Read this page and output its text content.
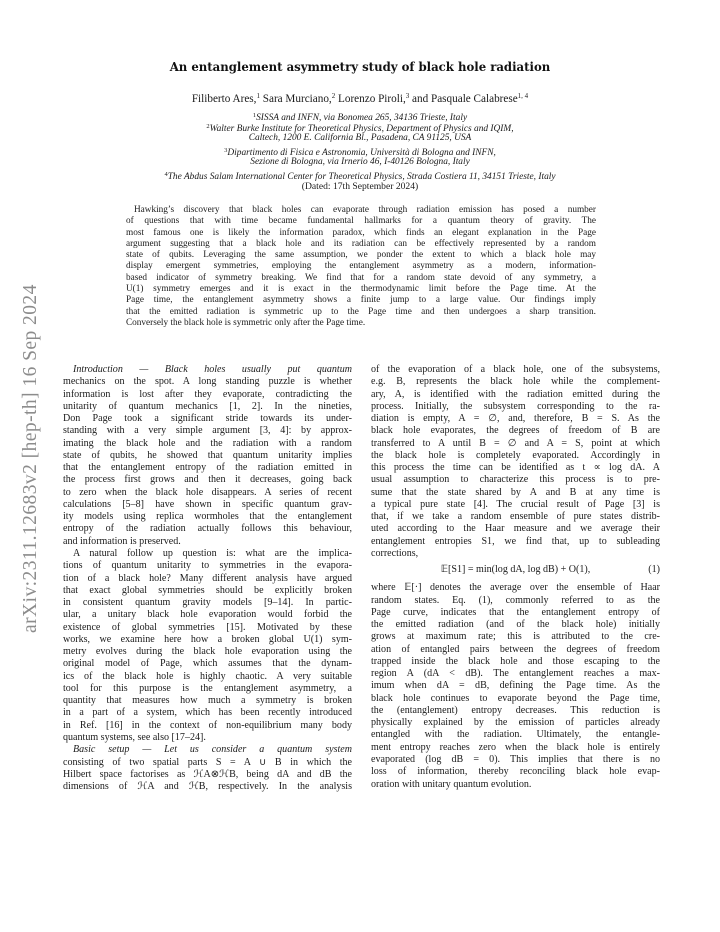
arXiv:2311.12683v2 [hep-th] 16 Sep 2024
An entanglement asymmetry study of black hole radiation
Filiberto Ares,$^1$ Sara Murciano,$^2$ Lorenzo Piroli,$^3$ and Pasquale Calabrese$^{1, 4}$
$^1$SISSA and INFN, via Bonomea 265, 34136 Trieste, Italy
$^2$Walter Burke Institute for Theoretical Physics, Department of Physics and IQIM,
Caltech, 1200 E. California Bl., Pasadena, CA 91125, USA
$^3$Dipartimento di Fisica e Astronomia, Università di Bologna and INFN,
Sezione di Bologna, via Irnerio 46, I-40126 Bologna, Italy
$^4$The Abdus Salam International Center for Theoretical Physics, Strada Costiera 11, 34151 Trieste, Italy
(Dated: 17th September 2024)
Hawking’s discovery that black holes can evaporate through radiation emission has posed a number
of questions that with time became fundamental hallmarks for a quantum theory of gravity. The
most famous one is likely the information paradox, which finds an elegant explanation in the Page
argument suggesting that a black hole and its radiation can be effectively represented by a random
state of qubits. Leveraging the same assumption, we ponder the extent to which a black hole may
display emergent symmetries, employing the entanglement asymmetry as a modern, information-
based indicator of symmetry breaking. We find that for a random state devoid of any symmetry, a
U(1) symmetry emerges and it is exact in the thermodynamic limit before the Page time. At the
Page time, the entanglement asymmetry shows a finite jump to a large value. Our findings imply
that the emitted radiation is symmetric up to the Page time and then undergoes a sharp transition.
Conversely the black hole is symmetric only after the Page time.
Introduction — Black holes usually put quantum
mechanics on the spot. A long standing puzzle is whether
information is lost after they evaporate, contradicting the
unitarity of quantum mechanics [1, 2]. In the nineties,
Don Page took a significant stride towards its under-
standing with a very simple argument [3, 4]: by approx-
imating the black hole and the radiation with a random
state of qubits, he showed that quantum unitarity implies
that the entanglement entropy of the radiation emitted in
the process first grows and then it decreases, going back
to zero when the black hole disappears. A series of recent
calculations [5–8] have shown in specific quantum grav-
ity models using replica wormholes that the entanglement
entropy of the radiation actually follows this behaviour,
and information is preserved.
A natural follow up question is: what are the implica-
tions of quantum unitarity to symmetries in the evapora-
tion of a black hole? Many different analysis have argued
that exact global symmetries should be explicitly broken
in consistent quantum gravity models [9–14]. In partic-
ular, a unitary black hole evaporation would forbid the
existence of global symmetries [15]. Motivated by these
works, we examine here how a broken global U(1) sym-
metry evolves during the black hole evaporation using the
original model of Page, which assumes that the dynam-
ics of the black hole is highly chaotic. A very suitable
tool for this purpose is the entanglement asymmetry, a
quantity that measures how much a symmetry is broken
in a part of a system, which has been recently introduced
in Ref. [16] in the context of non-equilibrium many body
quantum systems, see also [17–24].
Basic setup — Let us consider a quantum system
consisting of two spatial parts S = A ∪ B in which the
Hilbert space factorises as ℋA⊗ℋB, being dA and dB the
dimensions of ℋA and ℋB, respectively. In the analysis
of the evaporation of a black hole, one of the subsystems,
e.g. B, represents the black hole while the complement-
ary, A, is identified with the radiation emitted during the
process. Initially, the subsystem corresponding to the ra-
diation is empty, A = ∅, and, therefore, B = S. As the
black hole evaporates, the degrees of freedom of B are
transferred to A until B = ∅ and A = S, point at which
the black hole is completely evaporated. Accordingly in
this process the time can be identified as t ∝ log dA. A
usual assumption to characterize this process is to pre-
sume that the state shared by A and B at any time is
a typical pure state [4]. The crucial result of Page [3] is
that, if we take a random ensemble of pure states distrib-
uted according to the Haar measure and we average their
entanglement entropies S1, we find that, up to subleading
corrections,
𝔼[S1] = min(log dA, log dB) + O(1),	(1)
where 𝔼[·] denotes the average over the ensemble of Haar
random states. Eq. (1), commonly referred to as the
Page curve, indicates that the entanglement entropy of
the emitted radiation (and of the black hole) initially
grows at maximum rate; this is attributed to the cre-
ation of entangled pairs between the degrees of freedom
trapped inside the black hole and those escaping to the
region A (dA < dB). The entanglement reaches a max-
imum when dA = dB, defining the Page time. As the
black hole continues to evaporate beyond the Page time,
the (entanglement) entropy decreases. This reduction is
physically explained by the emission of particles already
entangled with the radiation. Ultimately, the entangle-
ment entropy reaches zero when the black hole is entirely
evaporated (log dB = 0). This implies that there is no
loss of information, thereby reconciling black hole evap-
oration with unitary quantum evolution.
